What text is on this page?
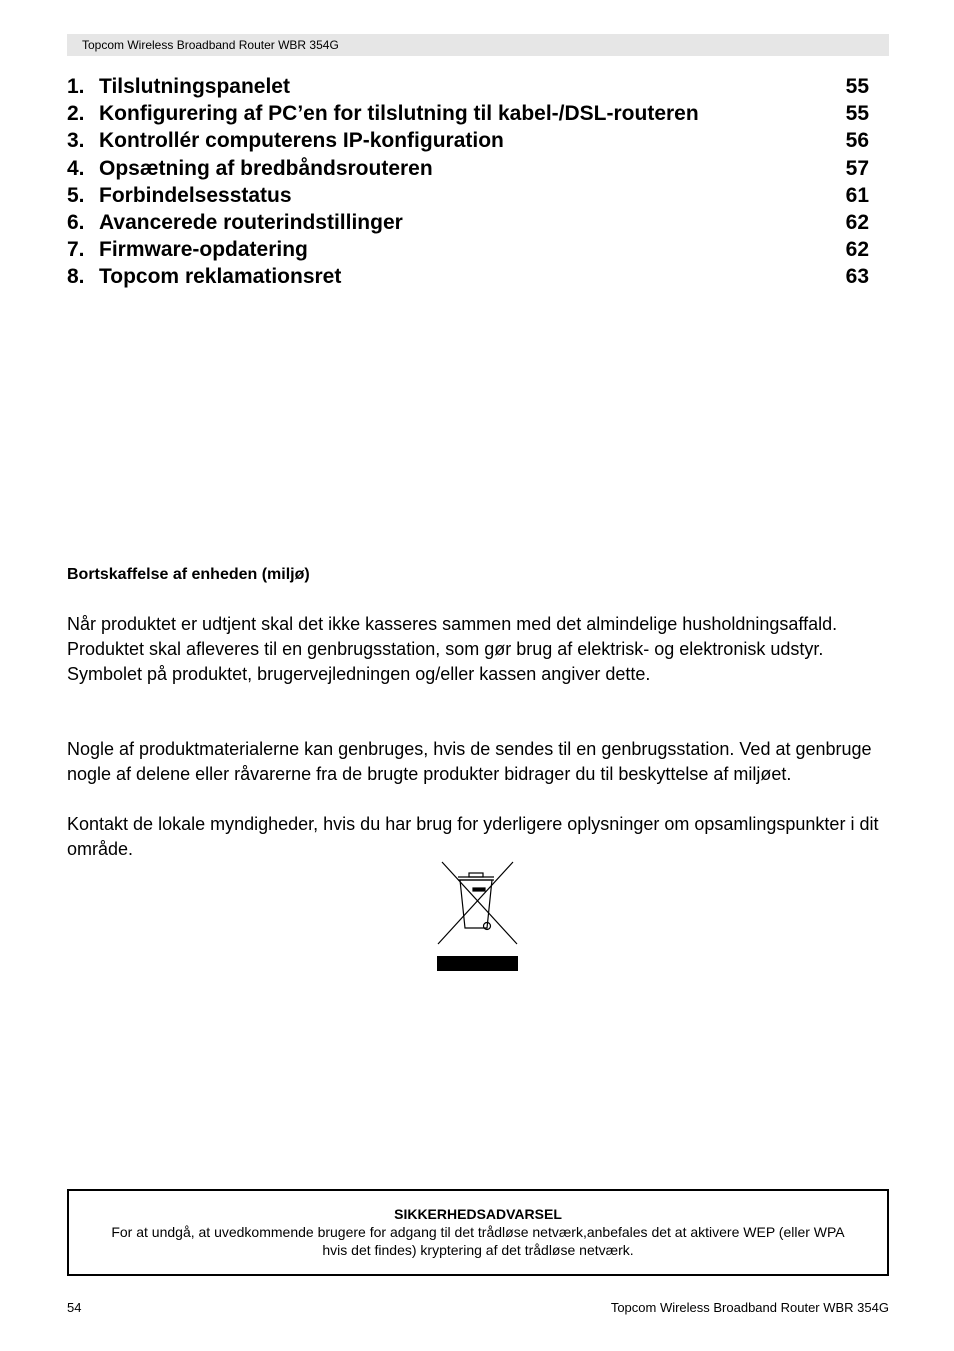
Topcom Wireless Broadband Router WBR 354G
1. Tilslutningspanelet	55
2. Konfigurering af PC’en for tilslutning til kabel-/DSL-routeren	55
3. Kontrollér computerens IP-konfiguration	56
4. Opsætning af bredbåndsrouteren	57
5. Forbindelsesstatus	61
6. Avancerede routerindstillinger	62
7. Firmware-opdatering	62
8. Topcom reklamationsret	63
Bortskaffelse af enheden (miljø)

Når produktet er udtjent skal det ikke kasseres sammen med det almindelige husholdningsaffald. Produktet skal afleveres til en genbrugsstation, som gør brug af elektrisk- og elektronisk udstyr. Symbolet på produktet, brugervejledningen og/eller kassen angiver dette.

Nogle af produktmaterialerne kan genbruges, hvis de sendes til en genbrugsstation. Ved at genbruge nogle af delene eller råvarerne fra de brugte produkter bidrager du til beskyttelse af miljøet.

Kontakt de lokale myndigheder, hvis du har brug for yderligere oplysninger om opsamlingspunkter i dit område.

SIKKERHEDSADVARSEL
For at undgå, at uvedkommende brugere for adgang til det trådløse netværk,anbefales det at aktivere WEP (eller WPA hvis det findes) kryptering af det trådløse netværk.
54	Topcom Wireless Broadband Router WBR 354G
